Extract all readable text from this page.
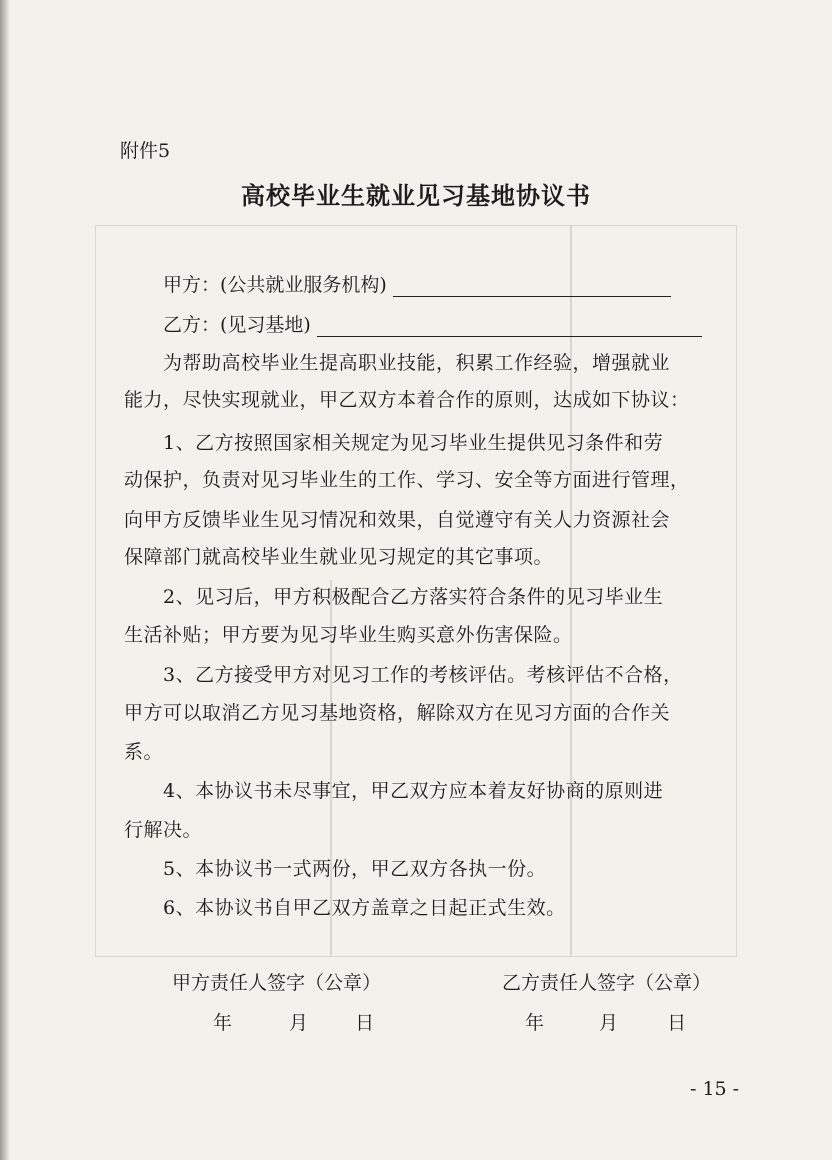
附件5
高校毕业生就业见习基地协议书
甲方：(公共就业服务机构)
乙方：(见习基地)
为帮助高校毕业生提高职业技能，积累工作经验，增强就业
能力，尽快实现就业，甲乙双方本着合作的原则，达成如下协议：
1、乙方按照国家相关规定为见习毕业生提供见习条件和劳
动保护，负责对见习毕业生的工作、学习、安全等方面进行管理，
向甲方反馈毕业生见习情况和效果，自觉遵守有关人力资源社会
保障部门就高校毕业生就业见习规定的其它事项。
2、见习后，甲方积极配合乙方落实符合条件的见习毕业生
生活补贴；甲方要为见习毕业生购买意外伤害保险。
3、乙方接受甲方对见习工作的考核评估。考核评估不合格，
甲方可以取消乙方见习基地资格，解除双方在见习方面的合作关
系。
4、本协议书未尽事宜，甲乙双方应本着友好协商的原则进
行解决。
5、本协议书一式两份，甲乙双方各执一份。
6、本协议书自甲乙双方盖章之日起正式生效。
甲方责任人签字（公章）	乙方责任人签字（公章）
年	月 日	年	月	日
- 15 -
